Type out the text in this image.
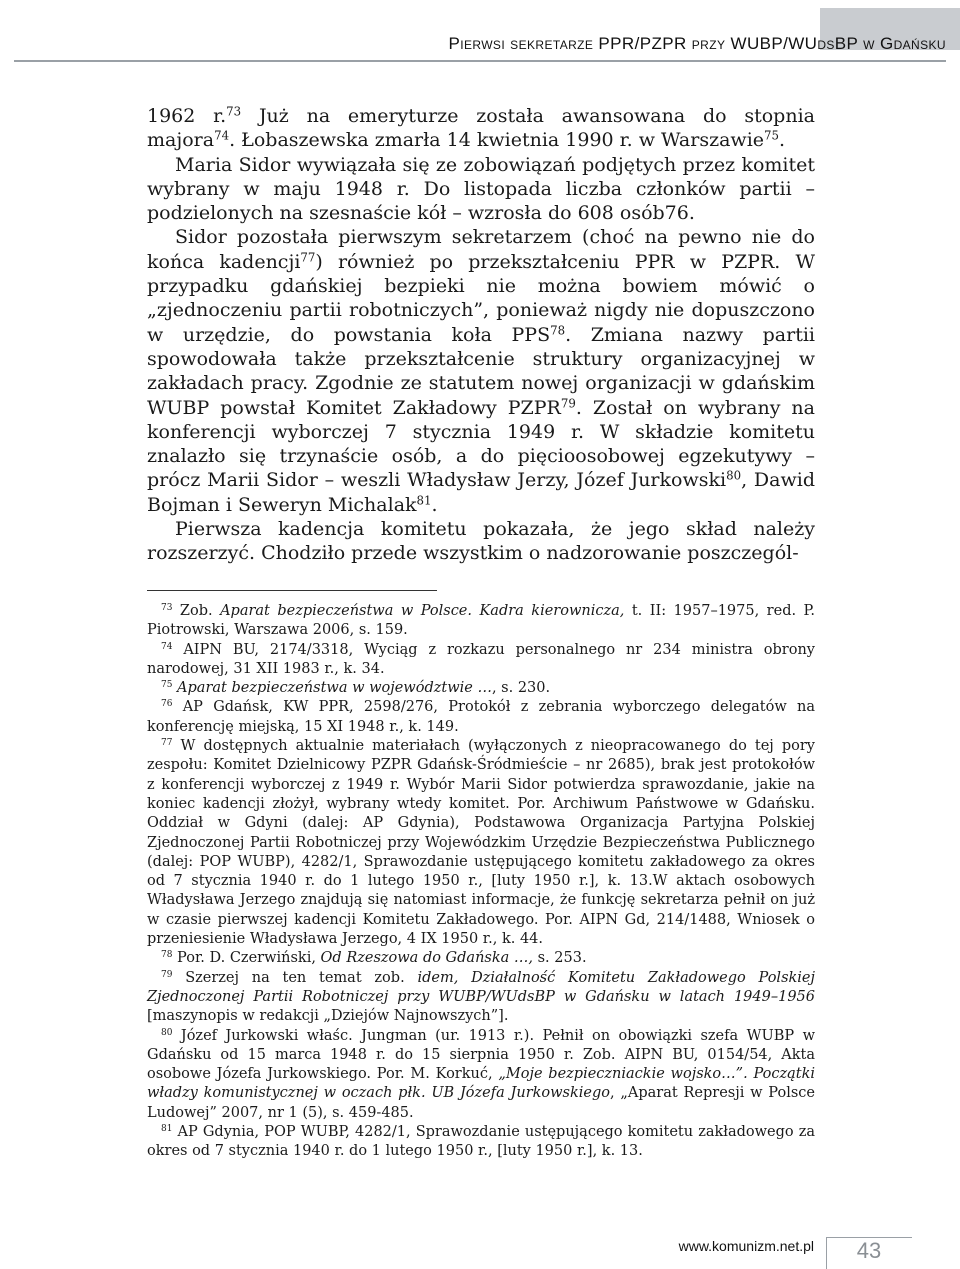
Pierwsi sekretarze PPR/PZPR przy WUBP/WUdsBP w Gdańsku

1962 r.$^{73}$ Już na emeryturze została awansowana do stopnia majora$^{74}$. Łobaszewska zmarła 14 kwietnia 1990 r. w Warszawie$^{75}$.

Maria Sidor wywiązała się ze zobowiązań podjętych przez komitet wybrany w maju 1948 r. Do listopada liczba członków partii – podzielonych na szesnaście kół – wzrosła do 608 osób76.

Sidor pozostała pierwszym sekretarzem (choć na pewno nie do końca kadencji$^{77}$) również po przekształceniu PPR w PZPR. W przypadku gdańskiej bezpieki nie można bowiem mówić o „zjednoczeniu partii robotniczych”, ponieważ nigdy nie dopuszczono w urzędzie, do powstania koła PPS$^{78}$. Zmiana nazwy partii spowodowała także przekształcenie struktury organizacyjnej w zakładach pracy. Zgodnie ze statutem nowej organizacji w gdańskim WUBP powstał Komitet Zakładowy PZPR$^{79}$. Został on wybrany na konferencji wyborczej 7 stycznia 1949 r. W składzie komitetu znalazło się trzynaście osób, a do pięcioosobowej egzekutywy – prócz Marii Sidor – weszli Władysław Jerzy, Józef Jurkowski$^{80}$, Dawid Bojman i Seweryn Michalak$^{81}$.

Pierwsza kadencja komitetu pokazała, że jego skład należy rozszerzyć. Chodziło przede wszystkim o nadzorowanie poszczegól-

$^{73}$ Zob. Aparat bezpieczeństwa w Polsce. Kadra kierownicza, t. II: 1957–1975, red. P. Piotrowski, Warszawa 2006, s. 159.

$^{74}$ AIPN BU, 2174/3318, Wyciąg z rozkazu personalnego nr 234 ministra obrony narodowej, 31 XII 1983 r., k. 34.

$^{75}$ Aparat bezpieczeństwa w województwie …, s. 230.

$^{76}$ AP Gdańsk, KW PPR, 2598/276, Protokół z zebrania wyborczego delegatów na konferencję miejską, 15 XI 1948 r., k. 149.

$^{77}$ W dostępnych aktualnie materiałach (wyłączonych z nieopracowanego do tej pory zespołu: Komitet Dzielnicowy PZPR Gdańsk-Śródmieście – nr 2685), brak jest protokołów z konferencji wyborczej z 1949 r. Wybór Marii Sidor potwierdza sprawozdanie, jakie na koniec kadencji złożył, wybrany wtedy komitet. Por. Archiwum Państwowe w Gdańsku. Oddział w Gdyni (dalej: AP Gdynia), Podstawowa Organizacja Partyjna Polskiej Zjednoczonej Partii Robotniczej przy Wojewódzkim Urzędzie Bezpieczeństwa Publicznego (dalej: POP WUBP), 4282/1, Sprawozdanie ustępującego komitetu zakładowego za okres od 7 stycznia 1940 r. do 1 lutego 1950 r., [luty 1950 r.], k. 13.W aktach osobowych Władysława Jerzego znajdują się natomiast informacje, że funkcję sekretarza pełnił on już w czasie pierwszej kadencji Komitetu Zakładowego. Por. AIPN Gd, 214/1488, Wniosek o przeniesienie Władysława Jerzego, 4 IX 1950 r., k. 44.

$^{78}$ Por. D. Czerwiński, Od Rzeszowa do Gdańska …, s. 253.

$^{79}$ Szerzej na ten temat zob. idem, Działalność Komitetu Zakładowego Polskiej Zjednoczonej Partii Robotniczej przy WUBP/WUdsBP w Gdańsku w latach 1949–1956 [maszynopis w redakcji „Dziejów Najnowszych”].

$^{80}$ Józef Jurkowski właśc. Jungman (ur. 1913 r.). Pełnił on obowiązki szefa WUBP w Gdańsku od 15 marca 1948 r. do 15 sierpnia 1950 r. Zob. AIPN BU, 0154/54, Akta osobowe Józefa Jurkowskiego. Por. M. Korkuć, „Moje bezpieczniackie wojsko…”. Początki władzy komunistycznej w oczach płk. UB Józefa Jurkowskiego, „Aparat Represji w Polsce Ludowej” 2007, nr 1 (5), s. 459-485.

$^{81}$ AP Gdynia, POP WUBP, 4282/1, Sprawozdanie ustępującego komitetu zakładowego za okres od 7 stycznia 1940 r. do 1 lutego 1950 r., [luty 1950 r.], k. 13.

www.komunizm.net.pl	43
